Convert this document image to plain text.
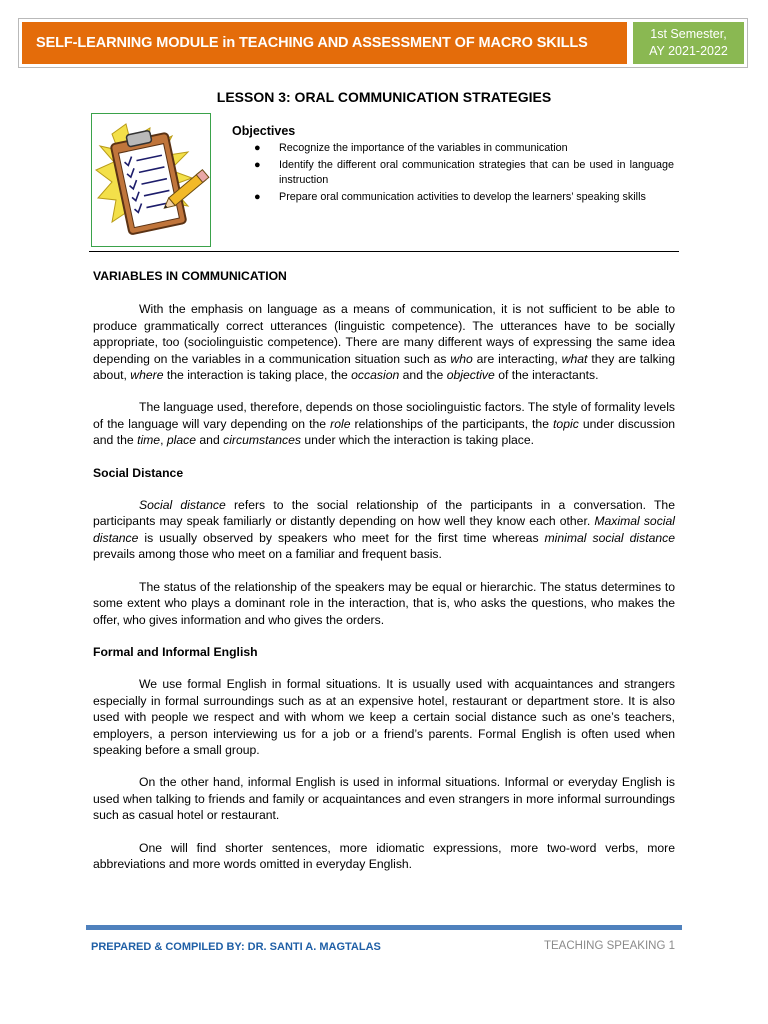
SELF-LEARNING MODULE in TEACHING AND ASSESSMENT OF MACRO SKILLS
1st Semester,
AY 2021-2022
LESSON 3: ORAL COMMUNICATION STRATEGIES
Objectives
● Recognize the importance of the variables in communication
● Identify the different oral communication strategies that can be used in language instruction
● Prepare oral communication activities to develop the learners’ speaking skills
VARIABLES IN COMMUNICATION

With the emphasis on language as a means of communication, it is not sufficient to be able to produce grammatically correct utterances (linguistic competence). The utterances have to be socially appropriate, too (sociolinguistic competence). There are many different ways of expressing the same idea depending on the variables in a communication situation such as who are interacting, what they are talking about, where the interaction is taking place, the occasion and the objective of the interactants.

The language used, therefore, depends on those sociolinguistic factors. The style of formality levels of the language will vary depending on the role relationships of the participants, the topic under discussion and the time, place and circumstances under which the interaction is taking place.

Social Distance

Social distance refers to the social relationship of the participants in a conversation. The participants may speak familiarly or distantly depending on how well they know each other. Maximal social distance is usually observed by speakers who meet for the first time whereas minimal social distance prevails among those who meet on a familiar and frequent basis.

The status of the relationship of the speakers may be equal or hierarchic. The status determines to some extent who plays a dominant role in the interaction, that is, who asks the questions, who makes the offer, who gives information and who gives the orders.

Formal and Informal English

We use formal English in formal situations. It is usually used with acquaintances and strangers especially in formal surroundings such as at an expensive hotel, restaurant or department store. It is also used with people we respect and with whom we keep a certain social distance such as one’s teachers, employers, a person interviewing us for a job or a friend’s parents. Formal English is often used when speaking before a small group.

On the other hand, informal English is used in informal situations. Informal or everyday English is used when talking to friends and family or acquaintances and even strangers in more informal surroundings such as casual hotel or restaurant.

One will find shorter sentences, more idiomatic expressions, more two-word verbs, more abbreviations and more words omitted in everyday English.

PREPARED & COMPILED BY: DR. SANTI A. MAGTALAS	TEACHING SPEAKING 1
